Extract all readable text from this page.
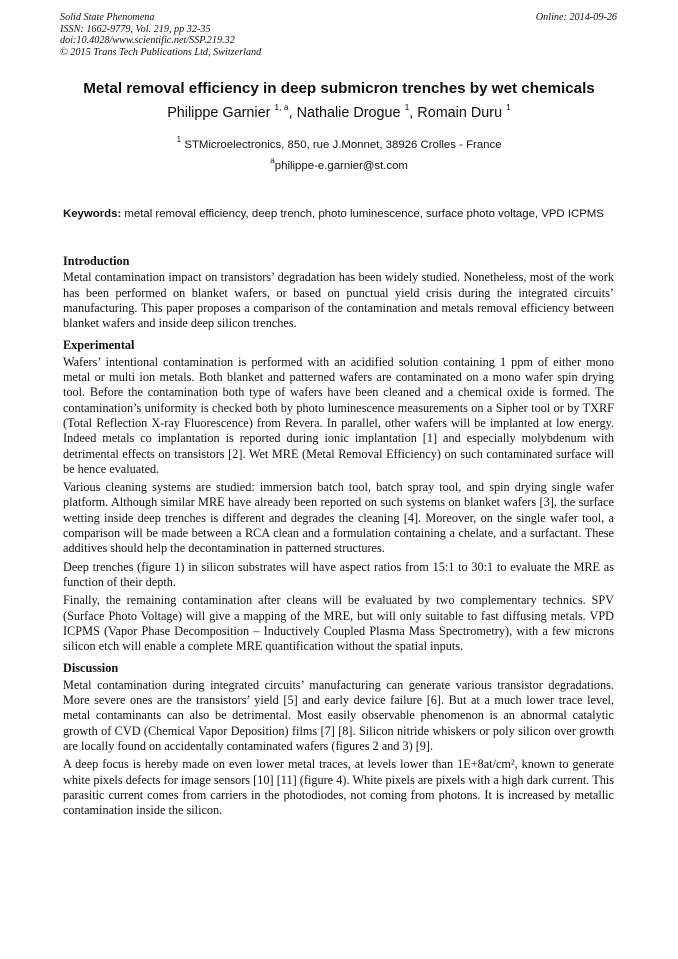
Solid State Phenomena
ISSN: 1662-9779, Vol. 219, pp 32-35
doi:10.4028/www.scientific.net/SSP.219.32
© 2015 Trans Tech Publications Ltd, Switzerland
Online: 2014-09-26
Metal removal efficiency in deep submicron trenches by wet chemicals
Philippe Garnier $^{1, a}$, Nathalie Drogue $^1$, Romain Duru $^1$
$^1$ STMicroelectronics, 850, rue J.Monnet, 38926 Crolles - France
$^a$philippe-e.garnier@st.com
Keywords: metal removal efficiency, deep trench, photo luminescence, surface photo voltage, VPD ICPMS
Introduction

Metal contamination impact on transistors’ degradation has been widely studied. Nonetheless, most of the work has been performed on blanket wafers, or based on punctual yield crisis during the integrated circuits’ manufacturing. This paper proposes a comparison of the contamination and metals removal efficiency between blanket wafers and inside deep silicon trenches.

Experimental

Wafers’ intentional contamination is performed with an acidified solution containing 1 ppm of either mono metal or multi ion metals. Both blanket and patterned wafers are contaminated on a mono wafer spin drying tool. Before the contamination both type of wafers have been cleaned and a chemical oxide is formed. The contamination’s uniformity is checked both by photo luminescence measurements on a Sipher tool or by TXRF (Total Reflection X-ray Fluorescence) from Revera. In parallel, other wafers will be implanted at low energy. Indeed metals co implantation is reported during ionic implantation [1] and especially molybdenum with detrimental effects on transistors [2]. Wet MRE (Metal Removal Efficiency) on such contaminated surface will be hence evaluated.

Various cleaning systems are studied: immersion batch tool, batch spray tool, and spin drying single wafer platform. Although similar MRE have already been reported on such systems on blanket wafers [3], the surface wetting inside deep trenches is different and degrades the cleaning [4]. Moreover, on the single wafer tool, a comparison will be made between a RCA clean and a formulation containing a chelate, and a surfactant. These additives should help the decontamination in patterned structures.

Deep trenches (figure 1) in silicon substrates will have aspect ratios from 15:1 to 30:1 to evaluate the MRE as function of their depth.

Finally, the remaining contamination after cleans will be evaluated by two complementary technics. SPV (Surface Photo Voltage) will give a mapping of the MRE, but will only suitable to fast diffusing metals. VPD ICPMS (Vapor Phase Decomposition – Inductively Coupled Plasma Mass Spectrometry), with a few microns silicon etch will enable a complete MRE quantification without the spatial inputs.

Discussion

Metal contamination during integrated circuits’ manufacturing can generate various transistor degradations. More severe ones are the transistors’ yield [5] and early device failure [6]. But at a much lower trace level, metal contaminants can also be detrimental. Most easily observable phenomenon is an abnormal catalytic growth of CVD (Chemical Vapor Deposition) films [7] [8]. Silicon nitride whiskers or poly silicon over growth are locally found on accidentally contaminated wafers (figures 2 and 3) [9].

A deep focus is hereby made on even lower metal traces, at levels lower than 1E+8at/cm², known to generate white pixels defects for image sensors [10] [11] (figure 4). White pixels are pixels with a high dark current. This parasitic current comes from carriers in the photodiodes, not coming from photons. It is increased by metallic contamination inside the silicon.
